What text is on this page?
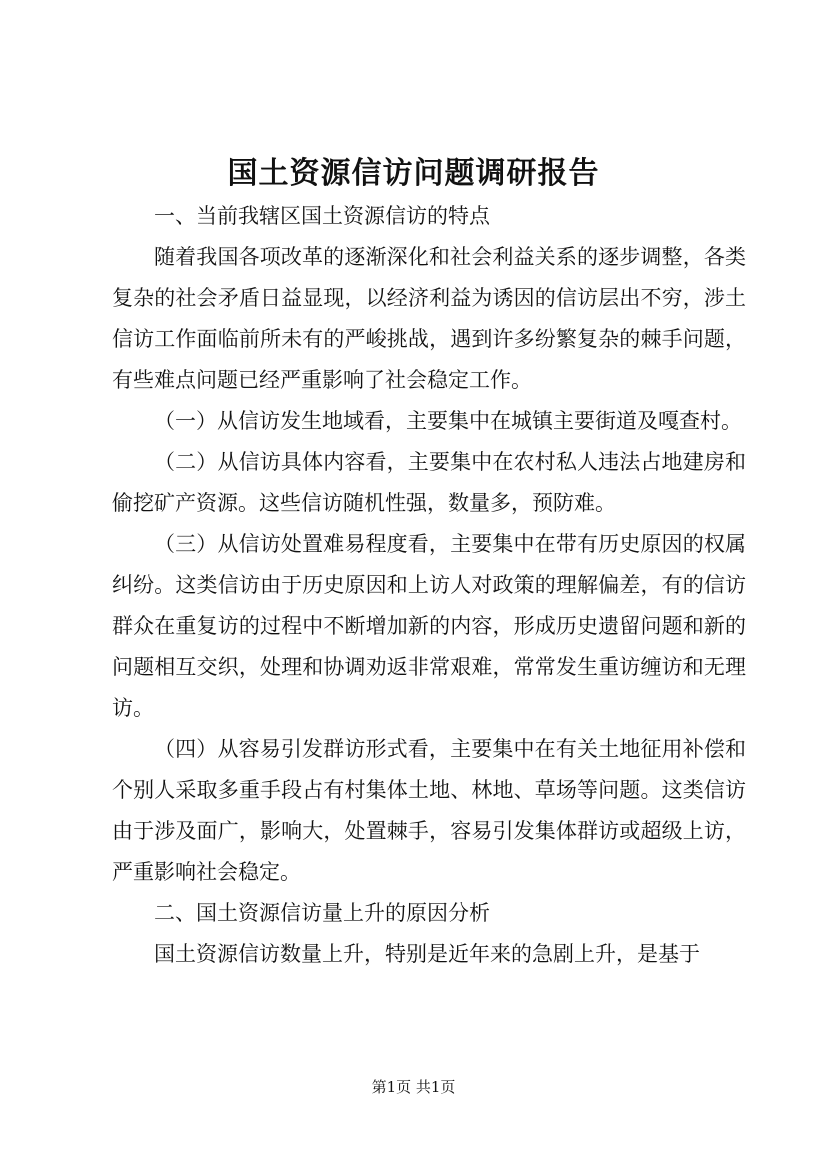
国土资源信访问题调研报告

一、当前我辖区国土资源信访的特点

随着我国各项改革的逐渐深化和社会利益关系的逐步调整，各类复杂的社会矛盾日益显现，以经济利益为诱因的信访层出不穷，涉土信访工作面临前所未有的严峻挑战，遇到许多纷繁复杂的棘手问题，有些难点问题已经严重影响了社会稳定工作。

（一）从信访发生地域看，主要集中在城镇主要街道及嘎查村。

（二）从信访具体内容看，主要集中在农村私人违法占地建房和偷挖矿产资源。这些信访随机性强，数量多，预防难。

（三）从信访处置难易程度看，主要集中在带有历史原因的权属纠纷。这类信访由于历史原因和上访人对政策的理解偏差，有的信访群众在重复访的过程中不断增加新的内容，形成历史遗留问题和新的问题相互交织，处理和协调劝返非常艰难，常常发生重访缠访和无理访。

（四）从容易引发群访形式看，主要集中在有关土地征用补偿和个别人采取多重手段占有村集体土地、林地、草场等问题。这类信访由于涉及面广，影响大，处置棘手，容易引发集体群访或超级上访，严重影响社会稳定。

二、国土资源信访量上升的原因分析

国土资源信访数量上升，特别是近年来的急剧上升，是基于

第1页 共1页
